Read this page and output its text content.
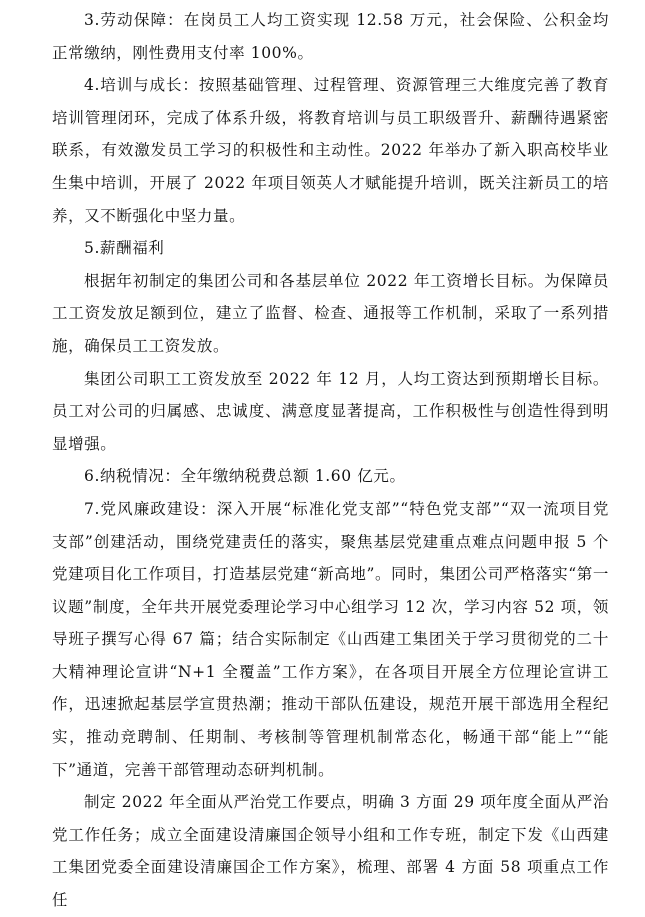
3.劳动保障：在岗员工人均工资实现 12.58 万元，社会保险、公积金均正常缴纳，刚性费用支付率 100%。

4.培训与成长：按照基础管理、过程管理、资源管理三大维度完善了教育培训管理闭环，完成了体系升级，将教育培训与员工职级晋升、薪酬待遇紧密联系，有效激发员工学习的积极性和主动性。2022 年举办了新入职高校毕业生集中培训，开展了 2022 年项目领英人才赋能提升培训，既关注新员工的培养，又不断强化中坚力量。

5.薪酬福利

根据年初制定的集团公司和各基层单位 2022 年工资增长目标。为保障员工工资发放足额到位，建立了监督、检查、通报等工作机制，采取了一系列措施，确保员工工资发放。

集团公司职工工资发放至 2022 年 12 月，人均工资达到预期增长目标。员工对公司的归属感、忠诚度、满意度显著提高，工作积极性与创造性得到明显增强。

6.纳税情况：全年缴纳税费总额 1.60 亿元。

7.党风廉政建设：深入开展“标准化党支部”“特色党支部”“双一流项目党支部”创建活动，围绕党建责任的落实，聚焦基层党建重点难点问题申报 5 个党建项目化工作项目，打造基层党建“新高地”。同时，集团公司严格落实“第一议题”制度，全年共开展党委理论学习中心组学习 12 次，学习内容 52 项，领导班子撰写心得 67 篇；结合实际制定《山西建工集团关于学习贯彻党的二十大精神理论宣讲“N+1 全覆盖”工作方案》，在各项目开展全方位理论宣讲工作，迅速掀起基层学宣贯热潮；推动干部队伍建设，规范开展干部选用全程纪实，推动竞聘制、任期制、考核制等管理机制常态化，畅通干部“能上”“能下”通道，完善干部管理动态研判机制。

制定 2022 年全面从严治党工作要点，明确 3 方面 29 项年度全面从严治党工作任务；成立全面建设清廉国企领导小组和工作专班，制定下发《山西建工集团党委全面建设清廉国企工作方案》，梳理、部署 4 方面 58 项重点工作任
